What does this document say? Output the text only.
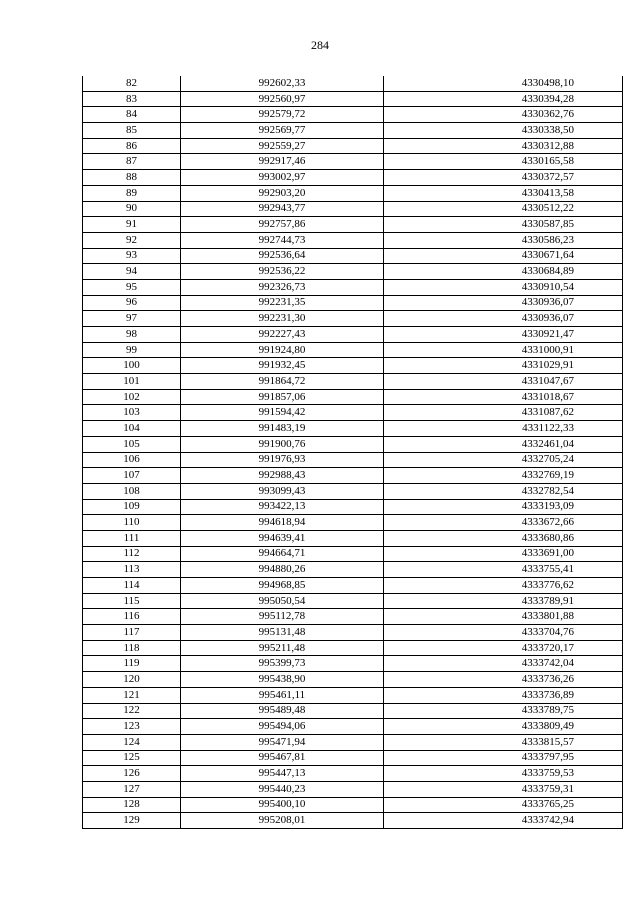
284
82	992602,33	4330498,10
83	992560,97	4330394,28
84	992579,72	4330362,76
85	992569,77	4330338,50
86	992559,27	4330312,88
87	992917,46	4330165,58
88	993002,97	4330372,57
89	992903,20	4330413,58
90	992943,77	4330512,22
91	992757,86	4330587,85
92	992744,73	4330586,23
93	992536,64	4330671,64
94	992536,22	4330684,89
95	992326,73	4330910,54
96	992231,35	4330936,07
97	992231,30	4330936,07
98	992227,43	4330921,47
99	991924,80	4331000,91
100	991932,45	4331029,91
101	991864,72	4331047,67
102	991857,06	4331018,67
103	991594,42	4331087,62
104	991483,19	4331122,33
105	991900,76	4332461,04
106	991976,93	4332705,24
107	992988,43	4332769,19
108	993099,43	4332782,54
109	993422,13	4333193,09
110	994618,94	4333672,66
111	994639,41	4333680,86
112	994664,71	4333691,00
113	994880,26	4333755,41
114	994968,85	4333776,62
115	995050,54	4333789,91
116	995112,78	4333801,88
117	995131,48	4333704,76
118	995211,48	4333720,17
119	995399,73	4333742,04
120	995438,90	4333736,26
121	995461,11	4333736,89
122	995489,48	4333789,75
123	995494,06	4333809,49
124	995471,94	4333815,57
125	995467,81	4333797,95
126	995447,13	4333759,53
127	995440,23	4333759,31
128	995400,10	4333765,25
129	995208,01	4333742,94
